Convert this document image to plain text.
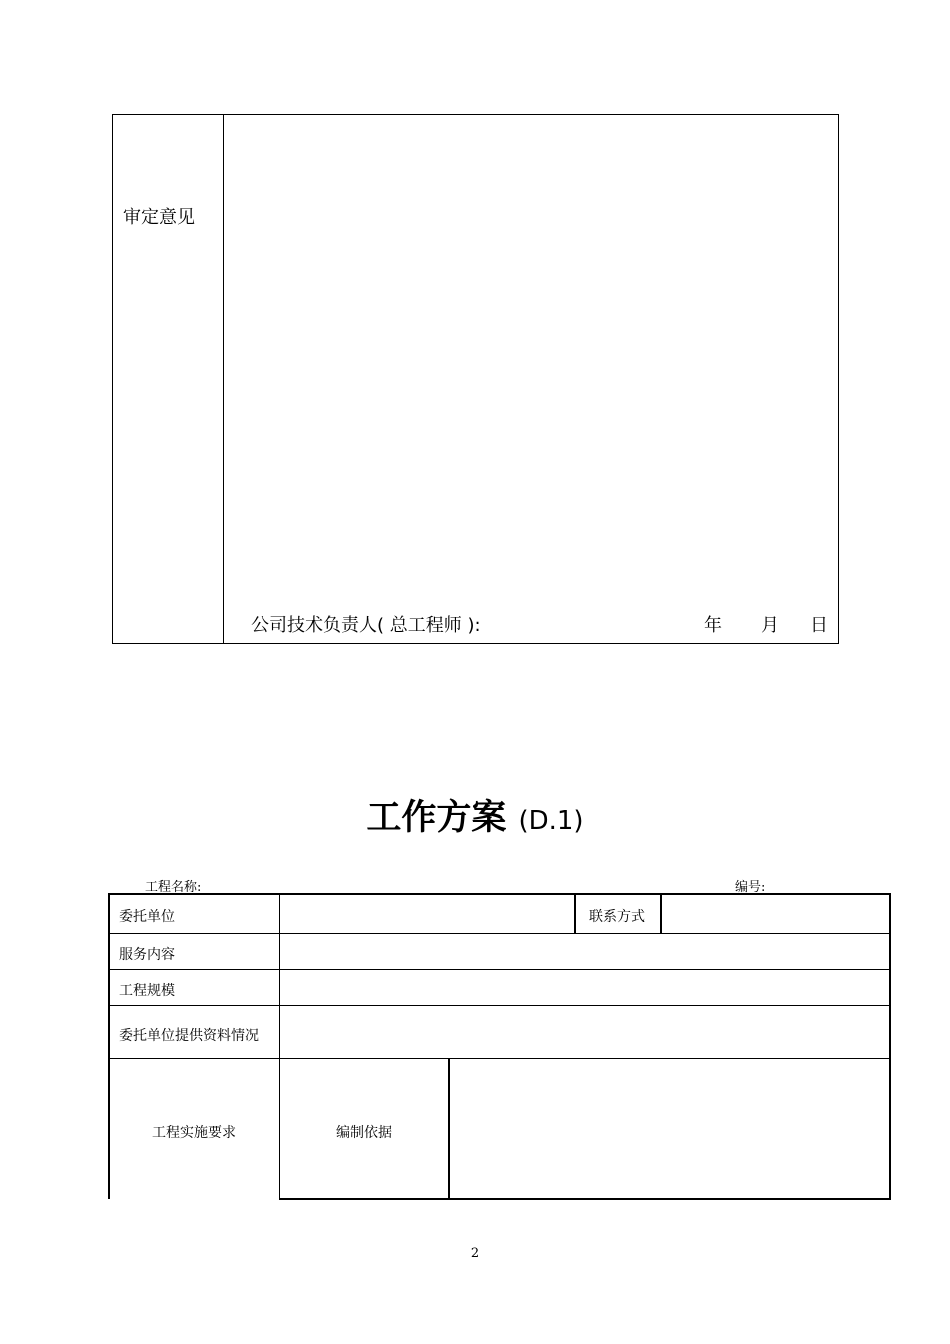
审定意见
公司技术负责人( 总工程师 ):	年 月 日
工作方案 (D.1)
工程名称:	编号:
委托单位	联系方式
服务内容
工程规模
委托单位提供资料情况
工程实施要求	编制依据
2
